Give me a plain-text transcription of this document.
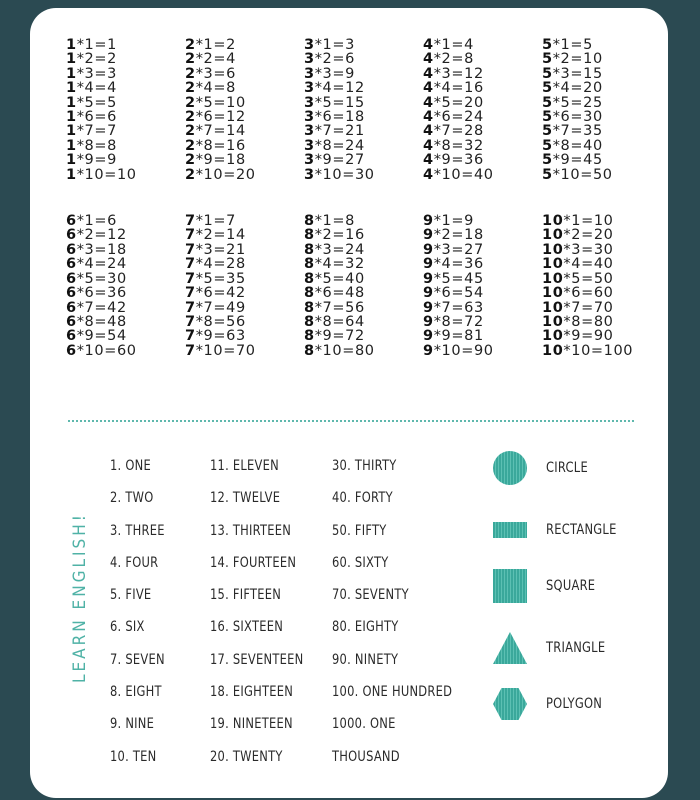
1*1=1
1*2=2
1*3=3
1*4=4
1*5=5
1*6=6
1*7=7
1*8=8
1*9=9
1*10=10
2*1=2
2*2=4
2*3=6
2*4=8
2*5=10
2*6=12
2*7=14
2*8=16
2*9=18
2*10=20
3*1=3
3*2=6
3*3=9
3*4=12
3*5=15
3*6=18
3*7=21
3*8=24
3*9=27
3*10=30
4*1=4
4*2=8
4*3=12
4*4=16
4*5=20
4*6=24
4*7=28
4*8=32
4*9=36
4*10=40
5*1=5
5*2=10
5*3=15
5*4=20
5*5=25
5*6=30
5*7=35
5*8=40
5*9=45
5*10=50
6*1=6
6*2=12
6*3=18
6*4=24
6*5=30
6*6=36
6*7=42
6*8=48
6*9=54
6*10=60
7*1=7
7*2=14
7*3=21
7*4=28
7*5=35
7*6=42
7*7=49
7*8=56
7*9=63
7*10=70
8*1=8
8*2=16
8*3=24
8*4=32
8*5=40
8*6=48
8*7=56
8*8=64
8*9=72
8*10=80
9*1=9
9*2=18
9*3=27
9*4=36
9*5=45
9*6=54
9*7=63
9*8=72
9*9=81
9*10=90
10*1=10
10*2=20
10*3=30
10*4=40
10*5=50
10*6=60
10*7=70
10*8=80
10*9=90
10*10=100
LEARN ENGLISH!
1. ONE
2. TWO
3. THREE
4. FOUR
5. FIVE
6. SIX
7. SEVEN
8. EIGHT
9. NINE
10. TEN
11. ELEVEN
12. TWELVE
13. THIRTEEN
14. FOURTEEN
15. FIFTEEN
16. SIXTEEN
17. SEVENTEEN
18. EIGHTEEN
19. NINETEEN
20. TWENTY
30. THIRTY
40. FORTY
50. FIFTY
60. SIXTY
70. SEVENTY
80. EIGHTY
90. NINETY
100. ONE HUNDRED
1000. ONE
THOUSAND
CIRCLE
RECTANGLE
SQUARE
TRIANGLE
POLYGON
